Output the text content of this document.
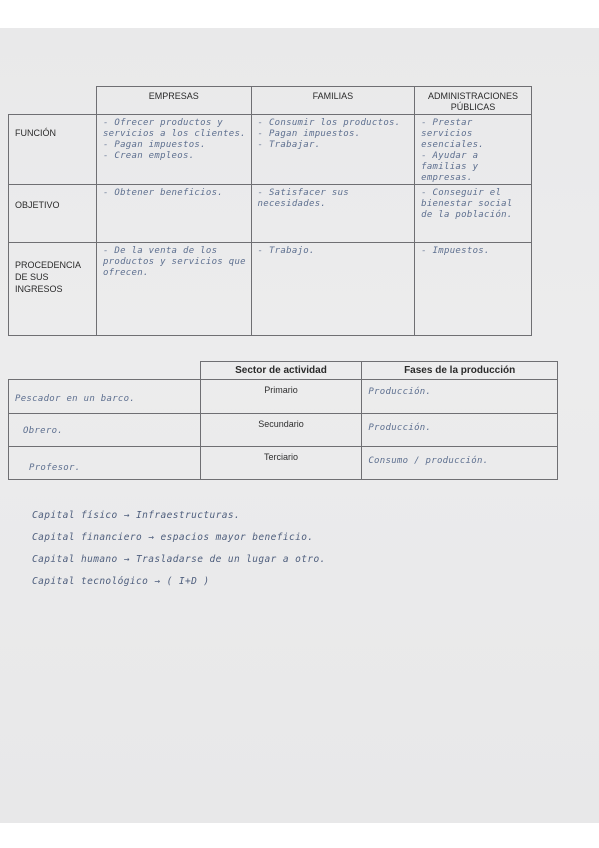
	EMPRESAS	FAMILIAS	ADMINISTRACIONES PÚBLICAS
FUNCIÓN	- Ofrecer productos y servicios a los clientes.
- Pagan impuestos.
- Crean empleos.	- Consumir los productos.
- Pagan impuestos.
- Trabajar.	- Prestar servicios esenciales.
- Ayudar a familias y empresas.

OBJETIVO	- Obtener beneficios.	- Satisfacer sus necesidades.	- Conseguir el bienestar social de la población.
PROCEDENCIA DE SUS INGRESOS	- De la venta de los productos y servicios que ofrecen.	- Trabajo.	- Impuestos.
	Sector de actividad	Fases de la producción
Pescador en un barco.	Primario	Producción.
Obrero.	Secundario	Producción.
Profesor.	Terciario	Consumo / producción.
Capital físico → Infraestructuras.
Capital financiero → espacios mayor beneficio.
Capital humano → Trasladarse de un lugar a otro.
Capital tecnológico → ( I+D )
